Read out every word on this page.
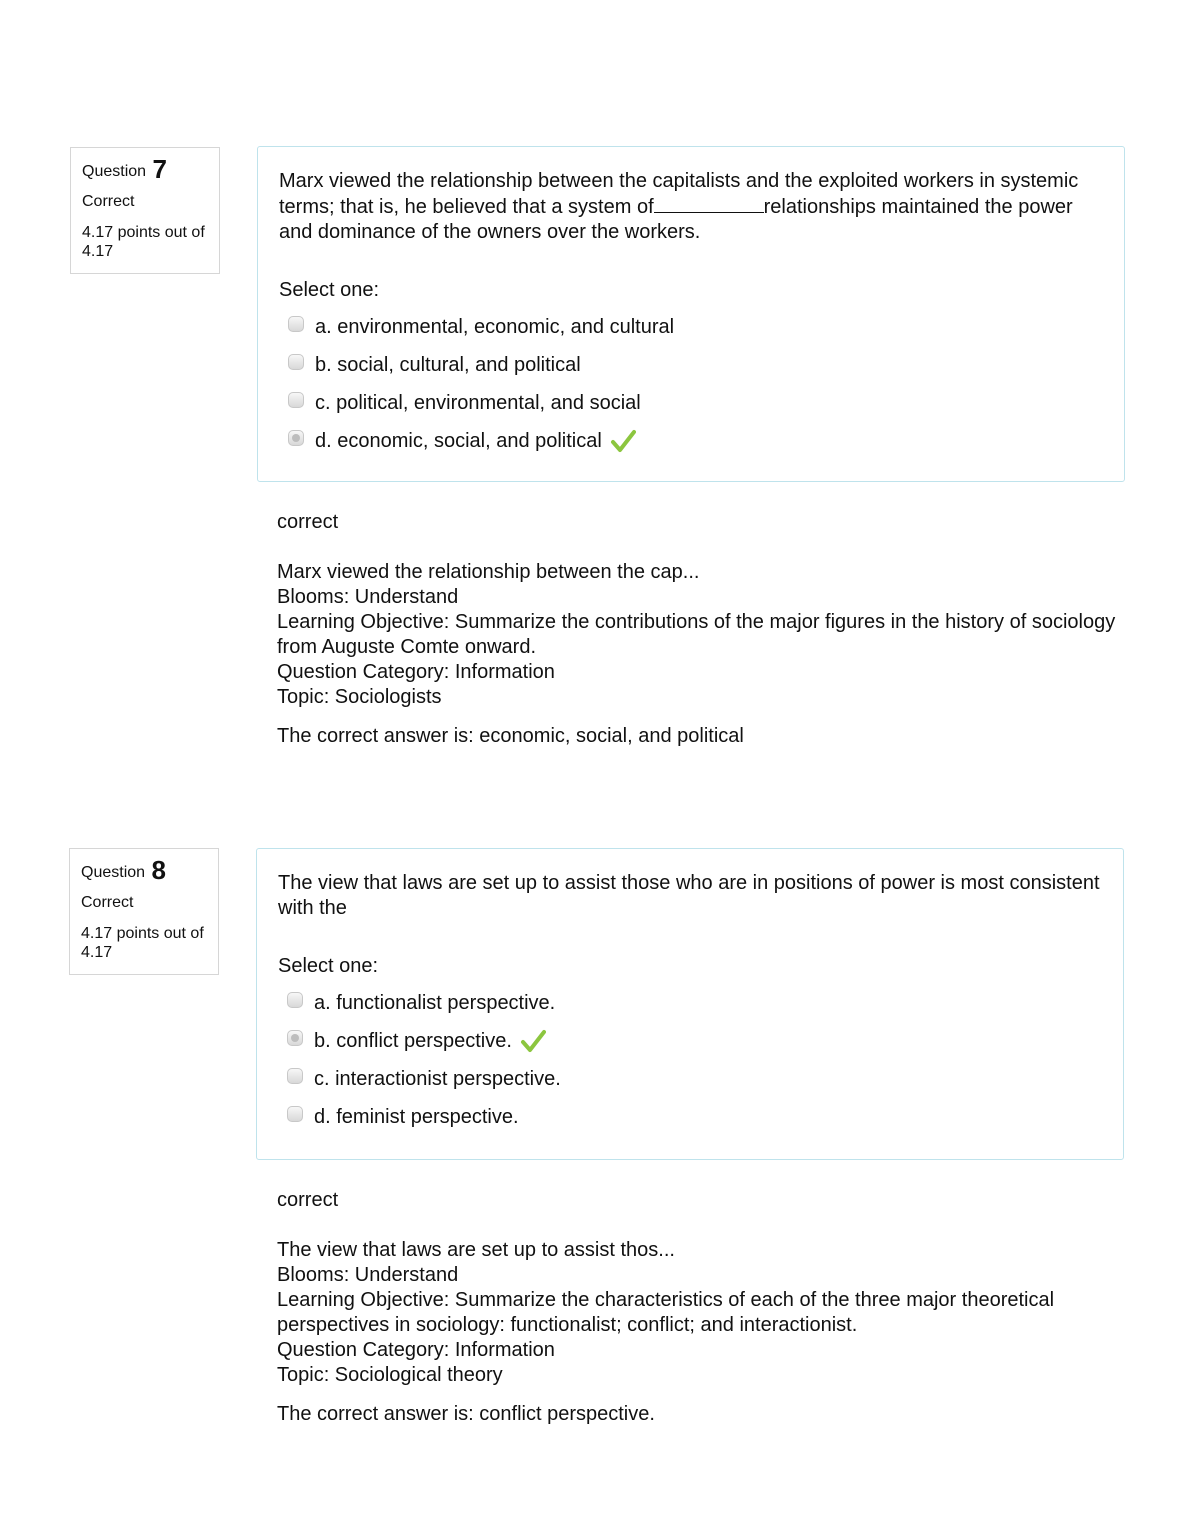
Question 7
Correct
4.17 points out of 4.17
Marx viewed the relationship between the capitalists and the exploited workers in systemic terms; that is, he believed that a system of	relationships maintained the power and dominance of the owners over the workers.
Select one:
a. environmental, economic, and cultural
b. social, cultural, and political
c. political, environmental, and social
d. economic, social, and political
correct
Marx viewed the relationship between the cap...
Blooms: Understand
Learning Objective: Summarize the contributions of the major figures in the history of sociology from Auguste Comte onward.
Question Category: Information
Topic: Sociologists
The correct answer is: economic, social, and political
Question 8
Correct
4.17 points out of 4.17
The view that laws are set up to assist those who are in positions of power is most consistent with the
Select one:
a. functionalist perspective.
b. conflict perspective.
c. interactionist perspective.
d. feminist perspective.
correct
The view that laws are set up to assist thos...
Blooms: Understand
Learning Objective: Summarize the characteristics of each of the three major theoretical perspectives in sociology: functionalist; conflict; and interactionist.
Question Category: Information
Topic: Sociological theory
The correct answer is: conflict perspective.
